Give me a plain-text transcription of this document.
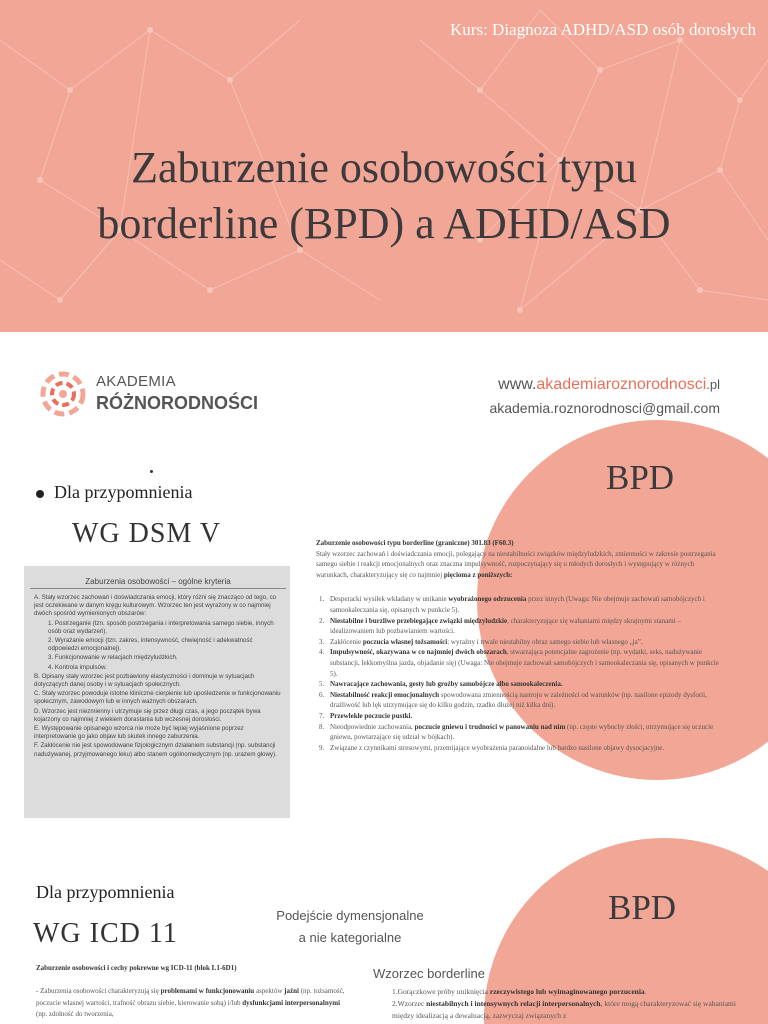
Kurs: Diagnoza ADHD/ASD osób dorosłych
Zaburzenie osobowości typu
borderline (BPD) a ADHD/ASD
AKADEMIA
RÓŻNORODNOŚCI
www.akademiaroznorodnosci.pl
akademia.roznorodnosci@gmail.com
BPD
Dla przypomnienia
WG DSM V
Zaburzenia osobowości – ogólne kryteria
A. Stały wzorzec zachowań i doświadczania emocji, który różni się znacząco od tego, co jest oczekiwane w danym kręgu kulturowym. Wzorzec ten jest wyrażony w co najmniej dwóch spośród wymienionych obszarów:
1. Postrzeganie (tzn. sposób postrzegania i interpretowania samego siebie, innych osób oraz wydarzeń).
2. Wyrażanie emocji (tzn. zakres, intensywność, chwiejność i adekwatność odpowiedzi emocjonalnej).
3. Funkcjonowanie w relacjach międzyludzkich.
4. Kontrola impulsów.
B. Opisany stały wzorzec jest pozbawiony elastyczności i dominuje w sytuacjach dotyczących danej osoby i w sytuacjach społecznych.
C. Stały wzorzec powoduje istotne kliniczne cierpienie lub upośledzenie w funkcjonowaniu społecznym, zawodowym lub w innych ważnych obszarach.
D. Wzorzec jest niezmienny i utrzymuje się przez długi czas, a jego początek bywa kojarzony co najmniej z wiekiem dorastania lub wczesnej dorosłości.
E. Występowanie opisanego wzorca nie może być lepiej wyjaśnione poprzez interpretowanie go jako objaw lub skutek innego zaburzenia.
F. Zakłócenie nie jest spowodowane fizjologicznym działaniem substancji (np. substancji nadużywanej, przyjmowanego leku) albo stanem ogólnomedycznym (np. urazem głowy).
Zaburzenie osobowości typu borderline (graniczne) 301.83 (F60.3)
Stały wzorzec zachowań i doświadczania emocji, polegający na niestabilności związków międzyludzkich, zmienności w zakresie postrzegania samego siebie i reakcji emocjonalnych oraz znaczna impulsywność, rozpoczynający się u młodych dorosłych i występujący w różnych warunkach, charakteryzujący się co najmniej pięcioma z poniższych:
1. Desperacki wysiłek wkładany w unikanie wyobrażonego odrzucenia przez innych (Uwaga: Nie obejmuje zachowań samobójczych i samookaleczania się, opisanych w punkcie 5).
2. Niestabilne i burzliwe przebiegające związki międzyludzkie, charakteryzujące się wahaniami między skrajnymi stanami – idealizowaniem lub pozbawianiem wartości.
3. Zakłócenie poczucia własnej tożsamości: wyraźny i trwale niestabilny obraz samego siebie lub własnego „ja”.
4. Impulsywność, okazywana w co najmniej dwóch obszarach, stwarzająca potencjalne zagrożenie (np. wydatki, seks, nadużywanie substancji, lekkomyślna jazda, objadanie się) (Uwaga: Nie obejmuje zachowań samobójczych i samookaleczania się, opisanych w punkcie 5).
5. Nawracające zachowania, gesty lub groźby samobójcze albo samookaleczenia.
6. Niestabilność reakcji emocjonalnych spowodowana zmiennością nastroju w zależności od warunków (np. nasilone epizody dysforii, drażliwość lub lęk utrzymujące się do kilku godzin, rzadko dłużej niż kilka dni).
7. Przewlekłe poczucie pustki.
8. Nieodpowiednie zachowania, poczucie gniewu i trudności w panowaniu nad nim (np. częste wybuchy złości, utrzymujące się uczucie gniewu, powtarzające się udział w bójkach).
9. Związane z czynnikami stresowymi, przemijające wyobrażenia paranoidalne lub bardzo nasilone objawy dysocjacyjne.
BPD
Dla przypomnienia
WG ICD 11
Podejście dymensjonalne
a nie kategorialne
Zaburzenie osobowości i cechy pokrewne wg ICD-11 (blok L1-6D1)
- Zaburzenia osobowości charakteryzują się problemami w funkcjonowaniu aspektów jaźni (np. tożsamość, poczucie własnej wartości, trafność obrazu siebie, kierowanie sobą) i/lub dysfunkcjami interpersonalnymi (np. zdolność do tworzenia,
Wzorzec borderline
1.Gorączkowe próby uniknięcia rzeczywistego lub wyimaginowanego porzucenia.
2.Wzorzec niestabilnych i intensywnych relacji interpersonalnych, które mogą charakteryzować się wahaniami między idealizacją a dewaluacją, zazwyczaj związanych z
